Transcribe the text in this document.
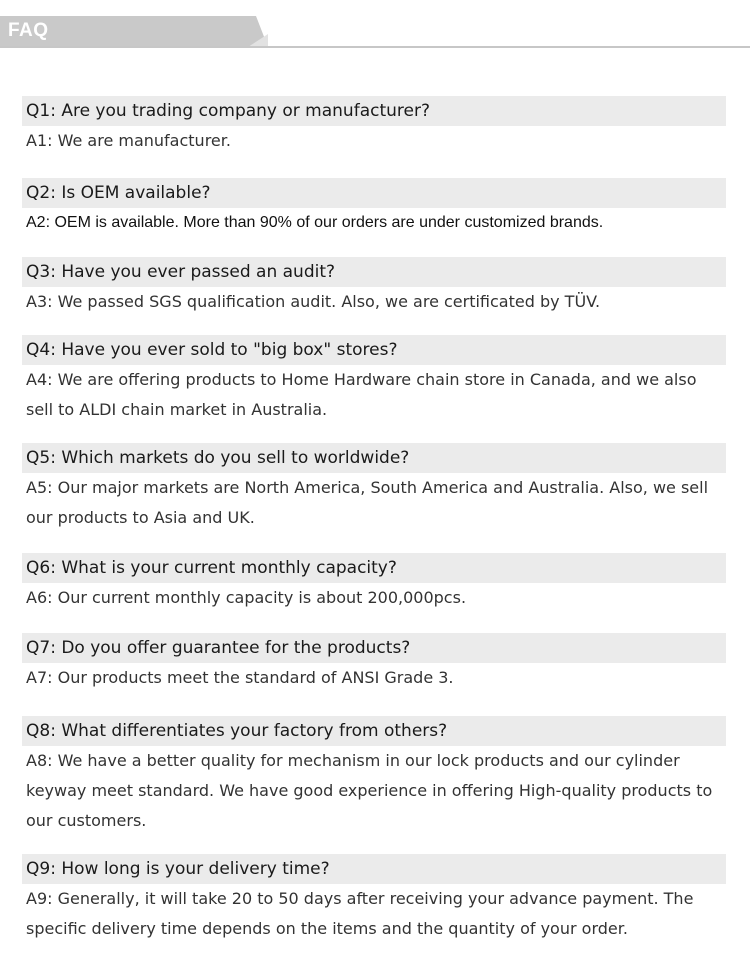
FAQ
Q1: Are you trading company or manufacturer?
A1: We are manufacturer.
Q2: Is OEM available?
A2: OEM is available. More than 90% of our orders are under customized brands.
Q3: Have you ever passed an audit?
A3: We passed SGS qualification audit. Also, we are certificated by TÜV.
Q4: Have you ever sold to "big box" stores?
A4: We are offering products to Home Hardware chain store in Canada, and we also sell to ALDI chain market in Australia.
Q5: Which markets do you sell to worldwide?
A5: Our major markets are North America, South America and Australia. Also, we sell our products to Asia and UK.
Q6: What is your current monthly capacity?
A6: Our current monthly capacity is about 200,000pcs.
Q7: Do you offer guarantee for the products?
A7: Our products meet the standard of ANSI Grade 3.
Q8: What differentiates your factory from others?
A8: We have a better quality for mechanism in our lock products and our cylinder keyway meet standard. We have good experience in offering High-quality products to our customers.
Q9: How long is your delivery time?
A9: Generally, it will take 20 to 50 days after receiving your advance payment. The specific delivery time depends on the items and the quantity of your order.
